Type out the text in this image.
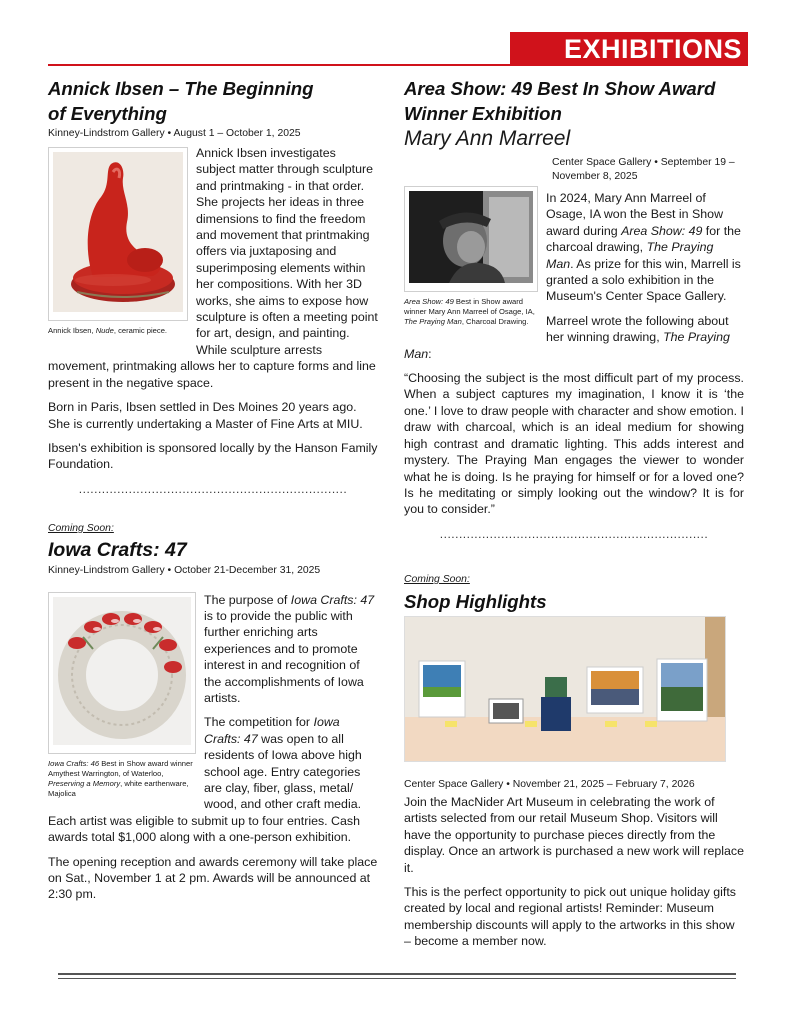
EXHIBITIONS
Annick Ibsen – The Beginning
of Everything
Kinney-Lindstrom Gallery • August 1 – October 1, 2025
Annick Ibsen, Nude, ceramic piece.

Annick Ibsen investigates subject matter through sculpture and printmaking - in that order. She projects her ideas in three dimensions to find the freedom and movement that printmaking offers via juxtaposing and superimposing elements within her compositions. With her 3D works, she aims to expose how sculpture is often a meeting point for art, design, and painting. While sculpture arrests movement, printmaking allows her to capture forms and line present in the negative space.

Born in Paris, Ibsen settled in Des Moines 20 years ago. She is currently undertaking a Master of Fine Arts at MIU.

Ibsen's exhibition is sponsored locally by the Hanson Family Foundation.

......................................................................
Coming Soon:
Iowa Crafts: 47
Kinney-Lindstrom Gallery • October 21-December 31, 2025
Iowa Crafts: 46 Best in Show award winner Amythest Warrington, of Waterloo, Preserving a Memory, white earthenware, Majolica

The purpose of Iowa Crafts: 47 is to provide the public with further enriching arts experiences and to promote interest in and recognition of the accomplishments of Iowa artists.

The competition for Iowa Crafts: 47 was open to all residents of Iowa above high school age. Entry categories are clay, fiber, glass, metal/ wood, and other craft media. Each artist was eligible to submit up to four entries. Cash awards total $1,000 along with a one-person exhibition.

The opening reception and awards ceremony will take place on Sat., November 1 at 2 pm. Awards will be announced at 2:30 pm.

Area Show: 49 Best In Show Award
Winner Exhibition
Mary Ann Marreel
Center Space Gallery • September 19 – November 8, 2025
Area Show: 49 Best in Show award winner Mary Ann Marreel of Osage, IA, The Praying Man, Charcoal Drawing.

In 2024, Mary Ann Marreel of Osage, IA won the Best in Show award during Area Show: 49 for the charcoal drawing, The Praying Man. As prize for this win, Marrell is granted a solo exhibition in the Museum's Center Space Gallery.

Marreel wrote the following about her winning drawing, The Praying Man:

“Choosing the subject is the most difficult part of my process. When a subject captures my imagination, I know it is ‘the one.’ I love to draw people with character and show emotion. I draw with charcoal, which is an ideal medium for showing high contrast and dramatic lighting. This adds interest and mystery. The Praying Man engages the viewer to wonder what he is doing. Is he praying for himself or for a loved one? Is he meditating or simply looking out the window? It is for you to consider.”

......................................................................
Coming Soon:
Shop Highlights
Center Space Gallery • November 21, 2025 – February 7, 2026

Join the MacNider Art Museum in celebrating the work of artists selected from our retail Museum Shop. Visitors will have the opportunity to purchase pieces directly from the display. Once an artwork is purchased a new work will replace it.

This is the perfect opportunity to pick out unique holiday gifts created by local and regional artists! Reminder: Museum membership discounts will apply to the artworks in this show – become a member now.
